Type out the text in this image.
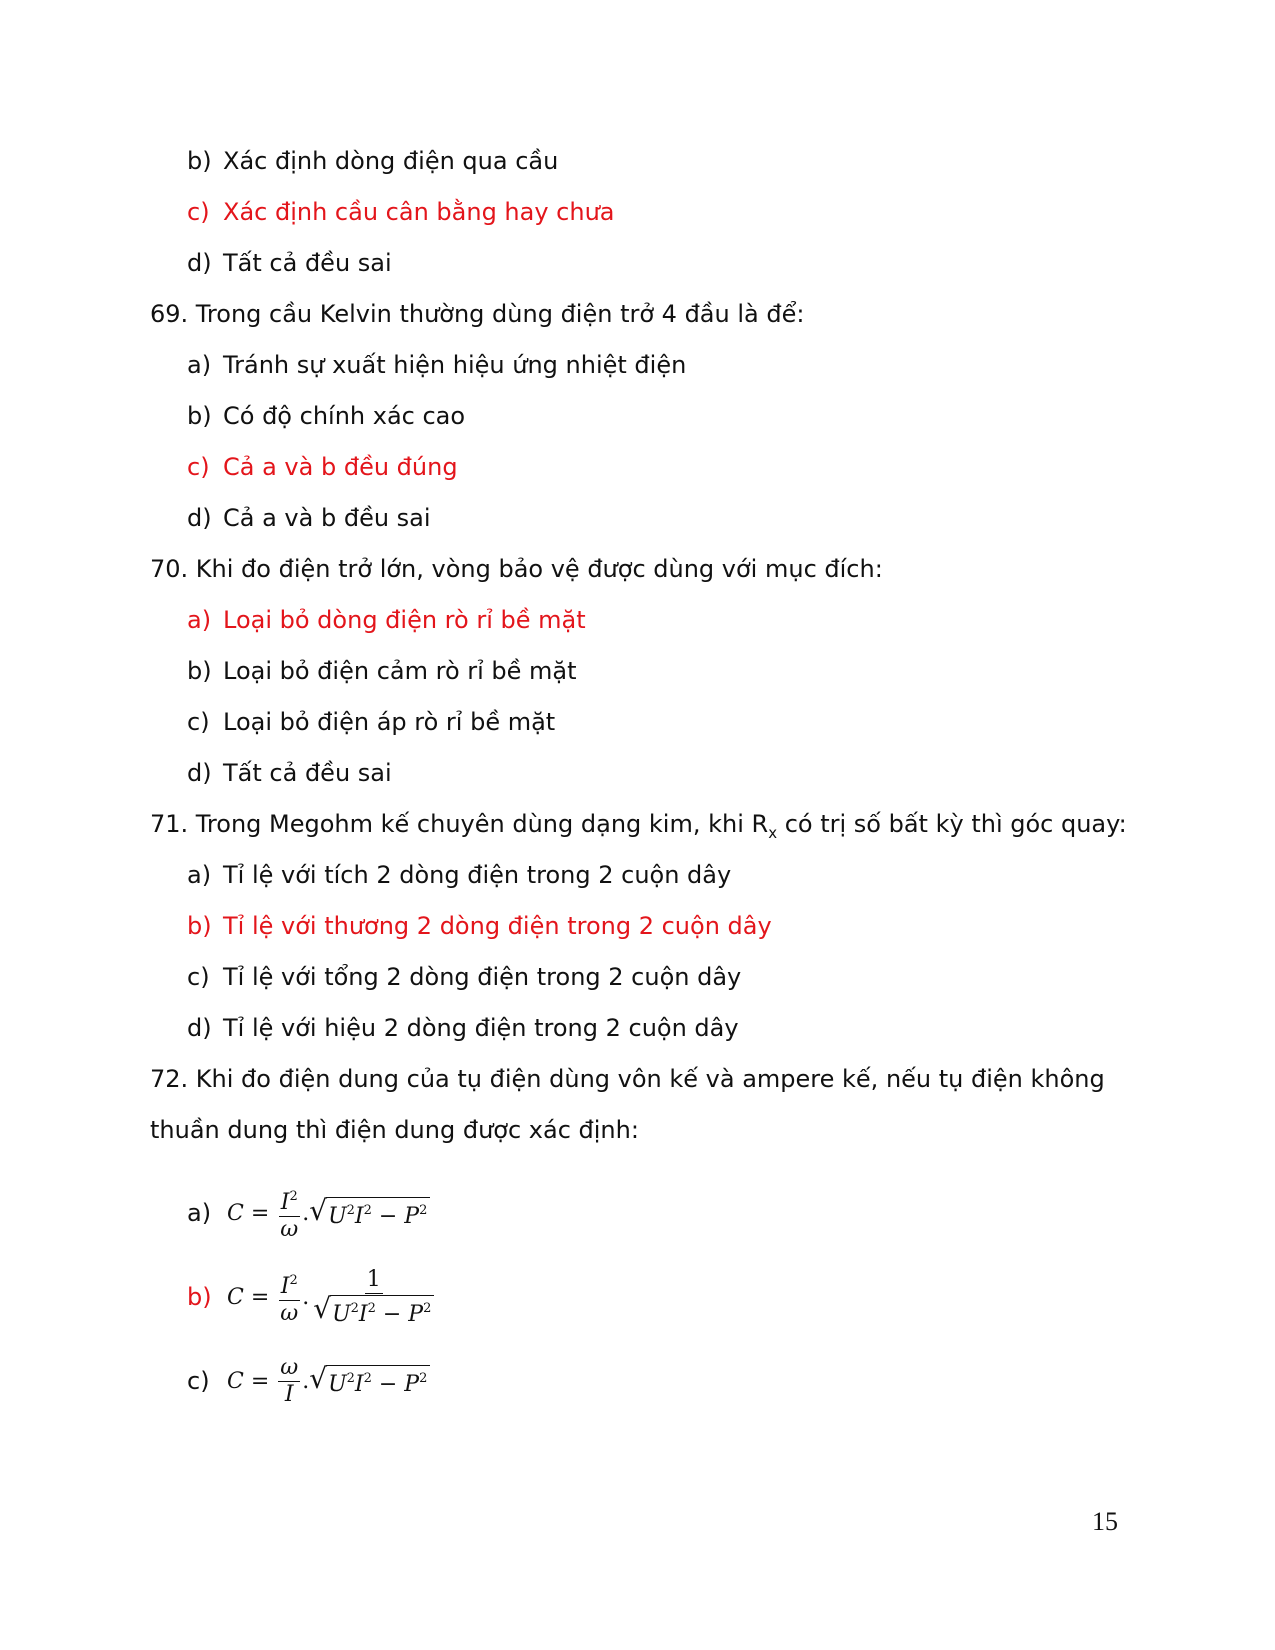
b) Xác định dòng điện qua cầu
c) Xác định cầu cân bằng hay chưa
d) Tất cả đều sai
69. Trong cầu Kelvin thường dùng điện trở 4 đầu là để:
a) Tránh sự xuất hiện hiệu ứng nhiệt điện
b) Có độ chính xác cao
c) Cả a và b đều đúng
d) Cả a và b đều sai
70. Khi đo điện trở lớn, vòng bảo vệ được dùng với mục đích:
a) Loại bỏ dòng điện rò rỉ bề mặt
b) Loại bỏ điện cảm rò rỉ bề mặt
c) Loại bỏ điện áp rò rỉ bề mặt
d) Tất cả đều sai
71. Trong Megohm kế chuyên dùng dạng kim, khi $R_x$ có trị số bất kỳ thì góc quay:
a) Tỉ lệ với tích 2 dòng điện trong 2 cuộn dây
b) Tỉ lệ với thương 2 dòng điện trong 2 cuộn dây
c) Tỉ lệ với tổng 2 dòng điện trong 2 cuộn dây
d) Tỉ lệ với hiệu 2 dòng điện trong 2 cuộn dây
72. Khi đo điện dung của tụ điện dùng vôn kế và ampere kế, nếu tụ điện không
thuần dung thì điện dung được xác định:
a) $C = \frac{I^2}{\omega}$ . √ $U^2I^2 - P^2$
b) $C = \frac{I^2}{\omega}$ . $\frac{1}{√ U^2I^2 - P^2}$
c) $C = \frac{\omega}{I}$ . √ $U^2I^2 - P^2$
15
